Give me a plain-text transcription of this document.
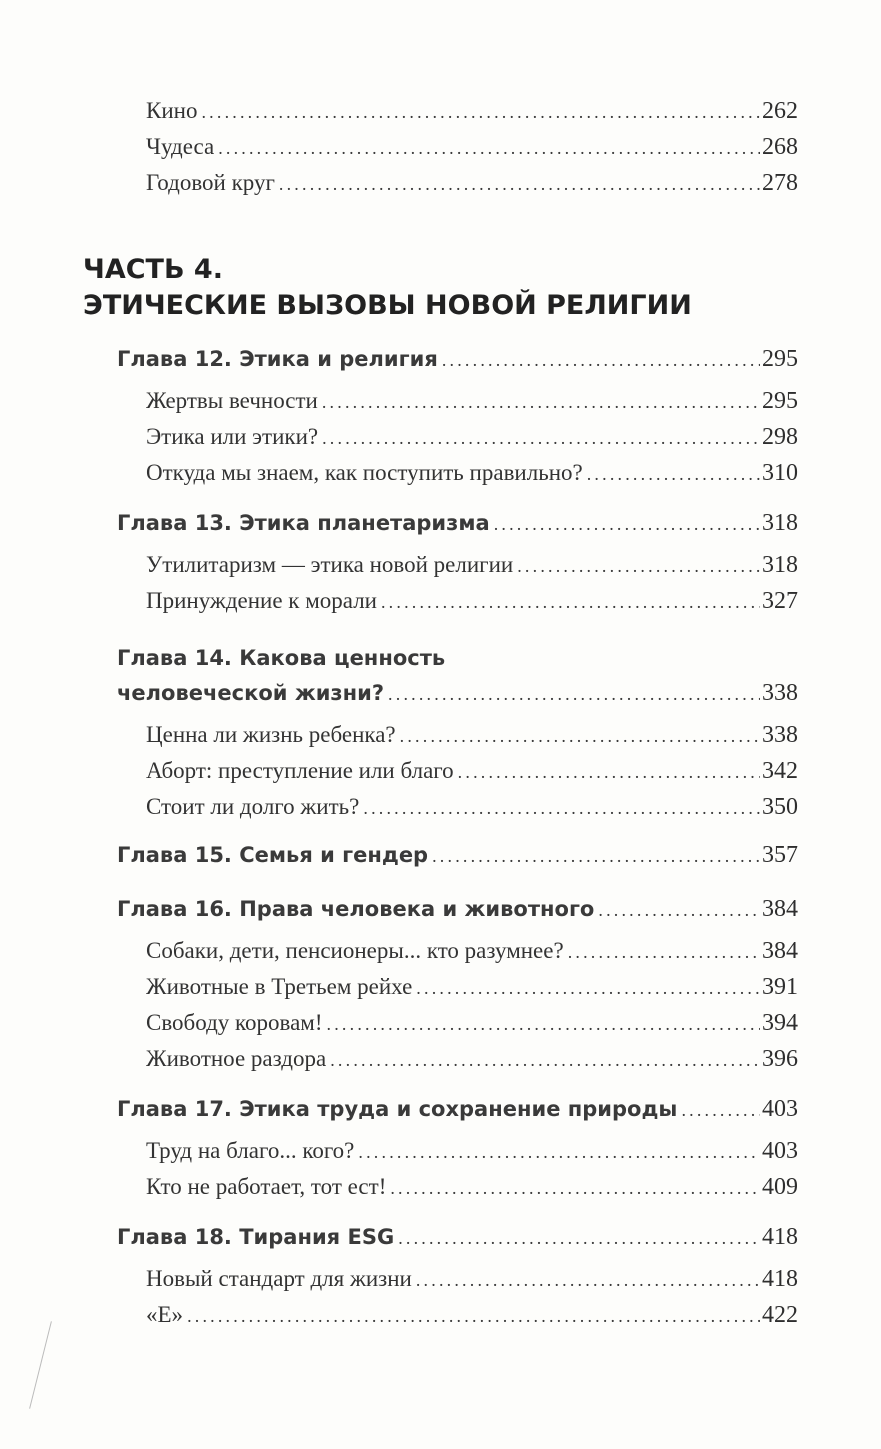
Кино .....	262
Чудеса .....	268
Годовой круг .....	278
ЧАСТЬ 4.
ЭТИЧЕСКИЕ ВЫЗОВЫ НОВОЙ РЕЛИГИИ
Глава 12. Этика и религия .....	295
Жертвы вечности .....	295
Этика или этики? .....	298
Откуда мы знаем, как поступить правильно? .....	310
Глава 13. Этика планетаризма .....	318
Утилитаризм — этика новой религии .....	318
Принуждение к морали .....	327
Глава 14. Какова ценность
человеческой жизни? .....	338
Ценна ли жизнь ребенка? .....	338
Аборт: преступление или благо .....	342
Стоит ли долго жить? .....	350
Глава 15. Семья и гендер .....	357
Глава 16. Права человека и животного .....	384
Собаки, дети, пенсионеры... кто разумнее? .....	384
Животные в Третьем рейхе .....	391
Свободу коровам! .....	394
Животное раздора .....	396
Глава 17. Этика труда и сохранение природы .....	403
Труд на благо... кого? .....	403
Кто не работает, тот ест! .....	409
Глава 18. Тирания ESG .....	418
Новый стандарт для жизни .....	418
«E» .....	422
